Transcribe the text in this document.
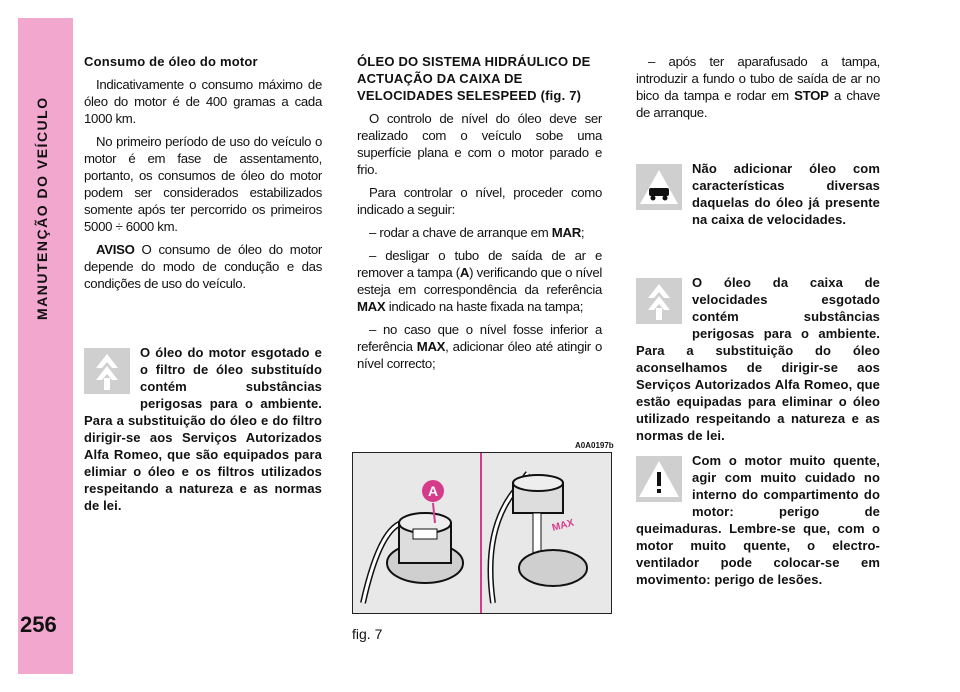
MANUTENÇÃO DO VEÍCULO
256
Consumo de óleo do motor

Indicativamente o consumo máximo de óleo do motor é de 400 gramas a cada 1000 km.

No primeiro período de uso do veículo o motor é em fase de assentamento, portanto, os consumos de óleo do motor podem ser considerados estabilizados somente após ter percorrido os primeiros 5000 ÷ 6000 km.

AVISO O consumo de óleo do motor depende do modo de condução e das condições de uso do veículo.

O óleo do motor esgotado e o filtro de óleo substituído contém substâncias perigosas para o ambiente. Para a substituição do óleo e do filtro dirigir-se aos Serviços Autorizados Alfa Romeo, que são equipados para elimiar o óleo e os filtros utilizados respeitando a natureza e as normas de lei.
ÓLEO DO SISTEMA HIDRÁULICO DE ACTUAÇÃO DA CAIXA DE VELOCIDADES SELESPEED (fig. 7)

O controlo de nível do óleo deve ser realizado com o veículo sobe uma superfície plana e com o motor parado e frio.

Para controlar o nível, proceder como indicado a seguir:

– rodar a chave de arranque em MAR;

– desligar o tubo de saída de ar e remover a tampa (A) verificando que o nível esteja em correspondência da referência MAX indicado na haste fixada na tampa;

– no caso que o nível fosse inferior a referência MAX, adicionar óleo até atingir o nível correcto;

A0A0197b
A
MAX
fig. 7

– após ter aparafusado a tampa, introduzir a fundo o tubo de saída de ar no bico da tampa e rodar em STOP a chave de arranque.

Não adicionar óleo com características diversas daquelas do óleo já presente na caixa de velocidades.
O óleo da caixa de velocidades esgotado contém substâncias perigosas para o ambiente. Para a substituição do óleo aconselhamos de dirigir-se aos Serviços Autorizados Alfa Romeo, que estão equipadas para eliminar o óleo utilizado respeitando a natureza e as normas de lei.
Com o motor muito quente, agir com muito cuidado no interno do compartimento do motor: perigo de queimaduras. Lembre-se que, com o motor muito quente, o electro-ventilador pode colocar-se em movimento: perigo de lesões.
